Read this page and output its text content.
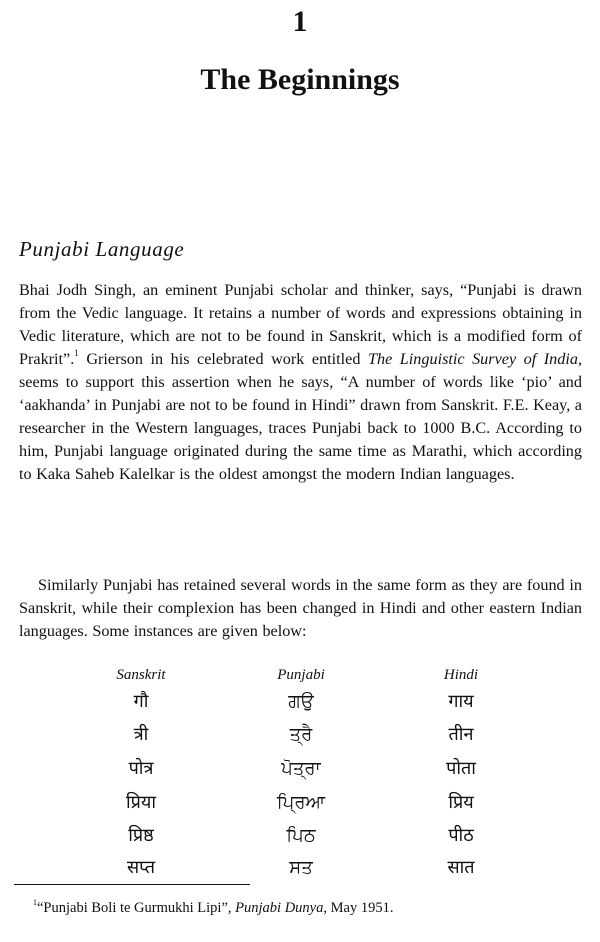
1
The Beginnings
Punjabi Language
Bhai Jodh Singh, an eminent Punjabi scholar and thinker, says, “Punjabi is drawn from the Vedic language. It retains a number of words and expressions obtaining in Vedic literature, which are not to be found in Sanskrit, which is a modified form of Prakrit”.$^1$ Grierson in his celebrated work entitled The Linguistic Survey of India, seems to support this assertion when he says, “A number of words like ‘pio’ and ‘aakhanda’ in Punjabi are not to be found in Hindi” drawn from Sanskrit. F.E. Keay, a researcher in the Western languages, traces Punjabi back to 1000 B.C. According to him, Punjabi language originated during the same time as Marathi, which according to Kaka Saheb Kalelkar is the oldest amongst the modern Indian languages.
Similarly Punjabi has retained several words in the same form as they are found in Sanskrit, while their complexion has been changed in Hindi and other eastern Indian languages. Some instances are given below:
Sanskrit	Punjabi	Hindi
गौ	ਗਉ	गाय
त्री	ਤ੍ਰੈ	तीन
पोत्र	ਪੋਤ੍ਰਾ	पोता
प्रिया	ਪ੍ਰਿਆ	प्रिय
प्रिष्ठ	ਪਿਠ	पीठ
सप्त	ਸਤ	सात
$^1$“Punjabi Boli te Gurmukhi Lipi”, Punjabi Dunya, May 1951.
